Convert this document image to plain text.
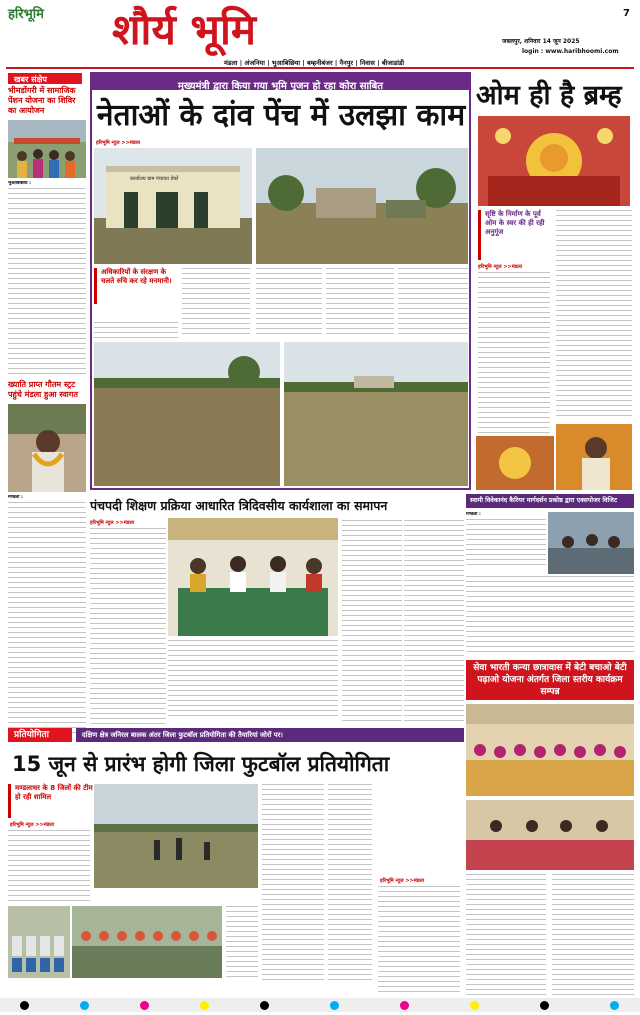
हरिभूमि शौर्य भूमि	7
जबलपुर, शनिवार 14 जून 2025
login : www.haribhoomi.com
मंडला | अंजनिया | भुआबिछिया | बम्हनीबंजर | नैनपुर | निवास | बीजाडांडी
खबर संक्षेप
भीमडोंगरी में सामाजिक पेंशन योजना का शिविर का आयोजन
भुआबिछिया :
ख्याति प्राप्त गौतम स्ट्रट पहुंचे मंडला हुआ स्वागत
मण्डला :
मुख्यमंत्री द्वारा किया गया भूमि पूजन हो रहा कोरा साबित
नेताओं के दांव पेंच में उलझा काम
हरिभूमि न्यूज >>मंडला
कार्यालय ग्राम पंचायत डेकों
अधिकारियों के संरक्षण के चलते रुचि कर रहे मनमानी।
ओम ही है ब्रम्ह
सृष्टि के निर्माण के पूर्व ओम के स्वर की ही रही अनुगूंज
हरिभूमि न्यूज >>मंडला
पंचपदी शिक्षण प्रक्रिया आधारित त्रिदिवसीय कार्यशाला का समापन
हरिभूमि न्यूज >>मंडला
स्वामी विवेकानंद कैरियर मार्गदर्शन प्रकोष्ठ द्वारा एक्सपोजर विजिट
मण्डला :
सेवा भारती कन्या छात्रावास में बेटी बचाओ बेटी पढ़ाओ योजना अंतर्गत जिला स्तरीय कार्यक्रम सम्पन्न
हरिभूमि न्यूज >>मंडला
प्रतियोगिता	दक्षिण क्षेत्र जनिरल बालक अंतर जिला फुटबॉल प्रतियोगिता की तैयारियां जोरों पर।
15 जून से प्रारंभ होगी जिला फुटबॉल प्रतियोगिता
मण्डलाधर के 8 जिलों की टीम हो रही शामिल
हरिभूमि न्यूज >>मंडला
